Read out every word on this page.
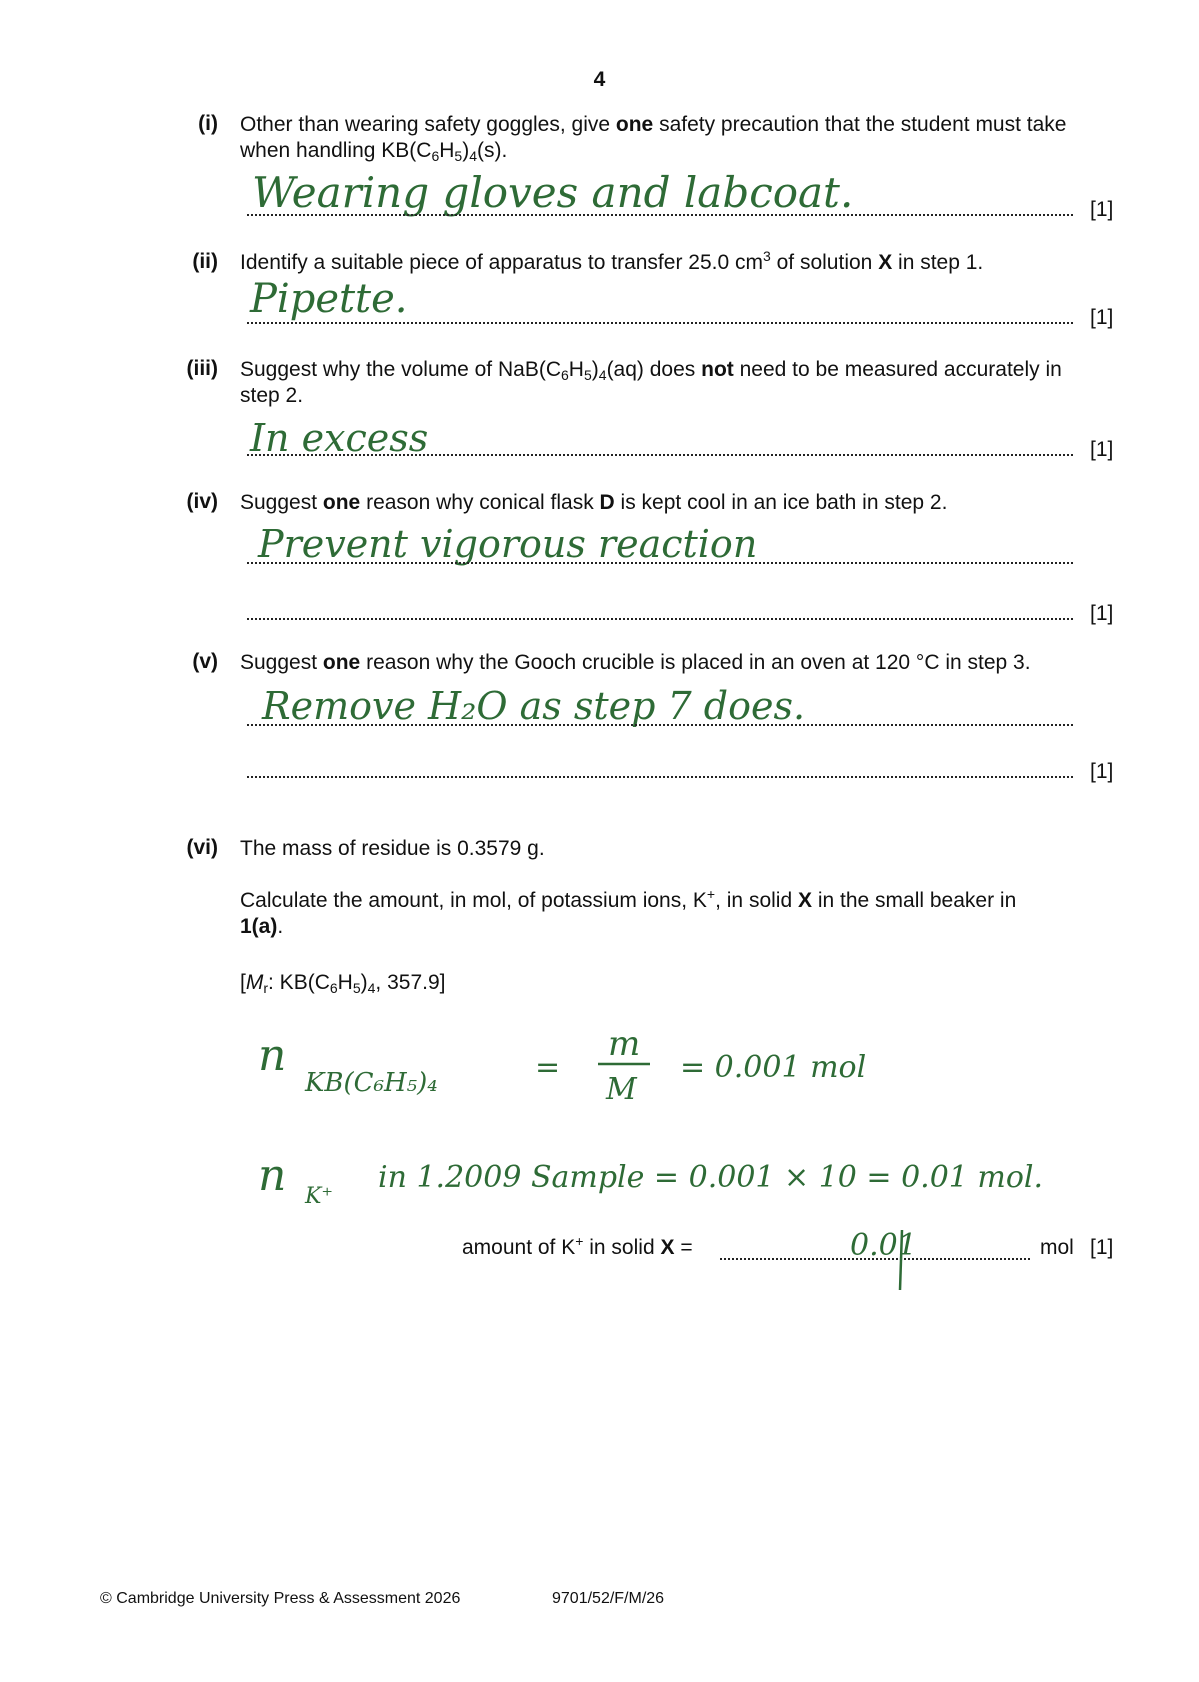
4
(i) Other than wearing safety goggles, give one safety precaution that the student must take when handling $KB(C_6H_5)_4(s)$.
Wearing gloves and labcoat.	[1]
(ii) Identify a suitable piece of apparatus to transfer 25.0 $cm^3$ of solution X in step 1.
Pipette.	[1]
(iii) Suggest why the volume of $NaB(C_6H_5)_4(aq)$ does not need to be measured accurately in step 2.
In excess	[1]
(iv) Suggest one reason why conical flask D is kept cool in an ice bath in step 2.
Prevent vigorous reaction
[1]
(v) Suggest one reason why the Gooch crucible is placed in an oven at 120 °C in step 3.
Remove H₂O as step 7 does.
[1]
(vi) The mass of residue is 0.3579 g.
Calculate the amount, in mol, of potassium ions, K+, in solid X in the small beaker in 1(a).
[$M_r$: $KB(C_6H_5)_4$, 357.9]
n
KB(C₆H₅)₄	=
m
M
= 0.001 mol
n K⁺
in 1.2009 Sample = 0.001 × 10 = 0.01 mol.
amount of K+ in solid X =	0.01	mol [1]
© Cambridge University Press & Assessment 2026	9701/52/F/M/26
